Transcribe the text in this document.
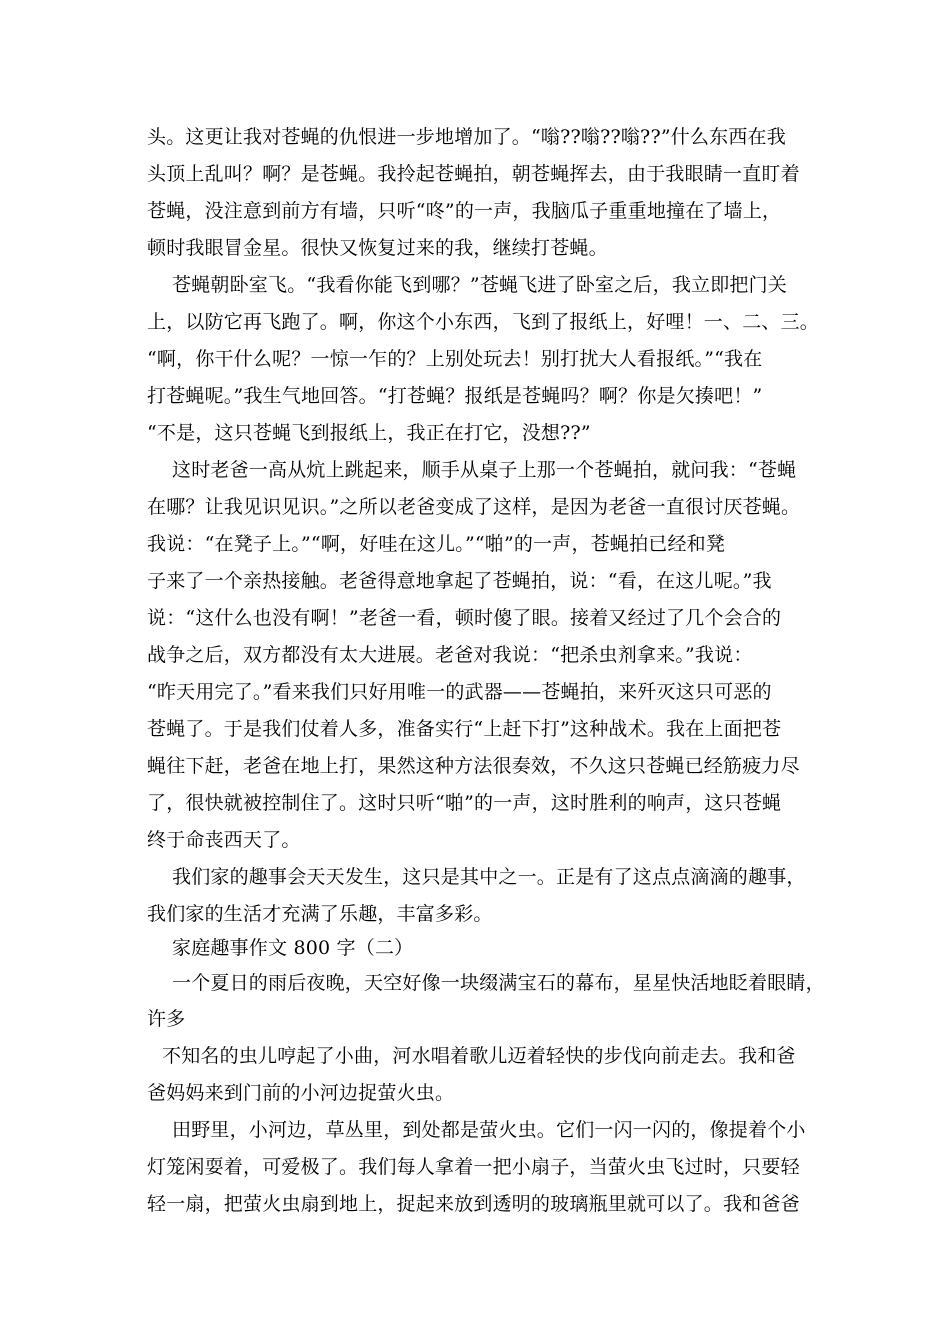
头。这更让我对苍蝇的仇恨进一步地增加了。“嗡??嗡??嗡??”什么东西在我
头顶上乱叫？啊？是苍蝇。我拎起苍蝇拍，朝苍蝇挥去，由于我眼睛一直盯着
苍蝇，没注意到前方有墙，只听“咚”的一声，我脑瓜子重重地撞在了墙上，
顿时我眼冒金星。很快又恢复过来的我，继续打苍蝇。
苍蝇朝卧室飞。“我看你能飞到哪？”苍蝇飞进了卧室之后，我立即把门关
上，以防它再飞跑了。啊，你这个小东西，飞到了报纸上，好哩！一、二、三。
“啊，你干什么呢？一惊一乍的？上别处玩去！别打扰大人看报纸。”“我在
打苍蝇呢。”我生气地回答。“打苍蝇？报纸是苍蝇吗？啊？你是欠揍吧！”
“不是，这只苍蝇飞到报纸上，我正在打它，没想??”
这时老爸一高从炕上跳起来，顺手从桌子上那一个苍蝇拍，就问我：“苍蝇
在哪？让我见识见识。”之所以老爸变成了这样，是因为老爸一直很讨厌苍蝇。
我说：“在凳子上。”“啊，好哇在这儿。”“啪”的一声，苍蝇拍已经和凳
子来了一个亲热接触。老爸得意地拿起了苍蝇拍，说：“看，在这儿呢。”我
说：“这什么也没有啊！”老爸一看，顿时傻了眼。接着又经过了几个会合的
战争之后，双方都没有太大进展。老爸对我说：“把杀虫剂拿来。”我说：
“昨天用完了。”看来我们只好用唯一的武器——苍蝇拍，来歼灭这只可恶的
苍蝇了。于是我们仗着人多，准备实行“上赶下打”这种战术。我在上面把苍
蝇往下赶，老爸在地上打，果然这种方法很奏效，不久这只苍蝇已经筋疲力尽
了，很快就被控制住了。这时只听“啪”的一声，这时胜利的响声，这只苍蝇
终于命丧西天了。
我们家的趣事会天天发生，这只是其中之一。正是有了这点点滴滴的趣事，
我们家的生活才充满了乐趣，丰富多彩。
家庭趣事作文 800 字（二）
一个夏日的雨后夜晚，天空好像一块缀满宝石的幕布，星星快活地眨着眼睛，
许多
不知名的虫儿哼起了小曲，河水唱着歌儿迈着轻快的步伐向前走去。我和爸
爸妈妈来到门前的小河边捉萤火虫。
田野里，小河边，草丛里，到处都是萤火虫。它们一闪一闪的，像提着个小
灯笼闲耍着，可爱极了。我们每人拿着一把小扇子，当萤火虫飞过时，只要轻
轻一扇，把萤火虫扇到地上，捉起来放到透明的玻璃瓶里就可以了。我和爸爸
